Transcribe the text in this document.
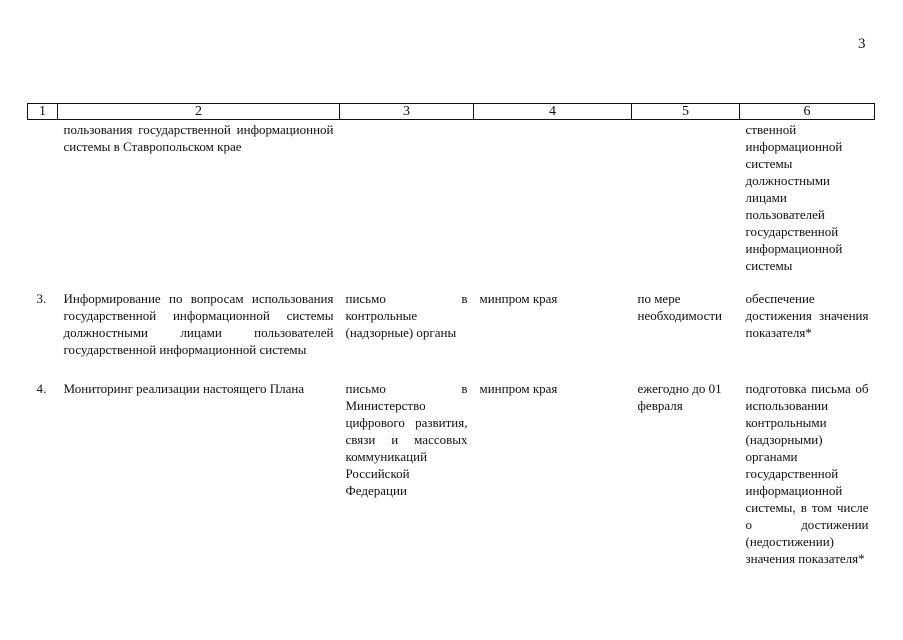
3
1	2	3	4	5	6
	пользования государственной информационной системы в Ставропольском крае				ственной информационной системы должностными лицами пользователей государственной информационной системы
3.	Информирование по вопросам использования государственной информационной системы должностными лицами пользователей государственной информационной системы	письмо в контрольные (надзорные) органы	минпром края	по мере необходимости	обеспечение достижения значения показателя*
4.	Мониторинг реализации настоящего Плана	письмо в Министерство цифрового развития, связи и массовых коммуникаций Российской Федерации	минпром края	ежегодно до 01 февраля	подготовка письма об использовании контрольными (надзорными) органами государственной информационной системы, в том числе о достижении (недостижении) значения показателя*
